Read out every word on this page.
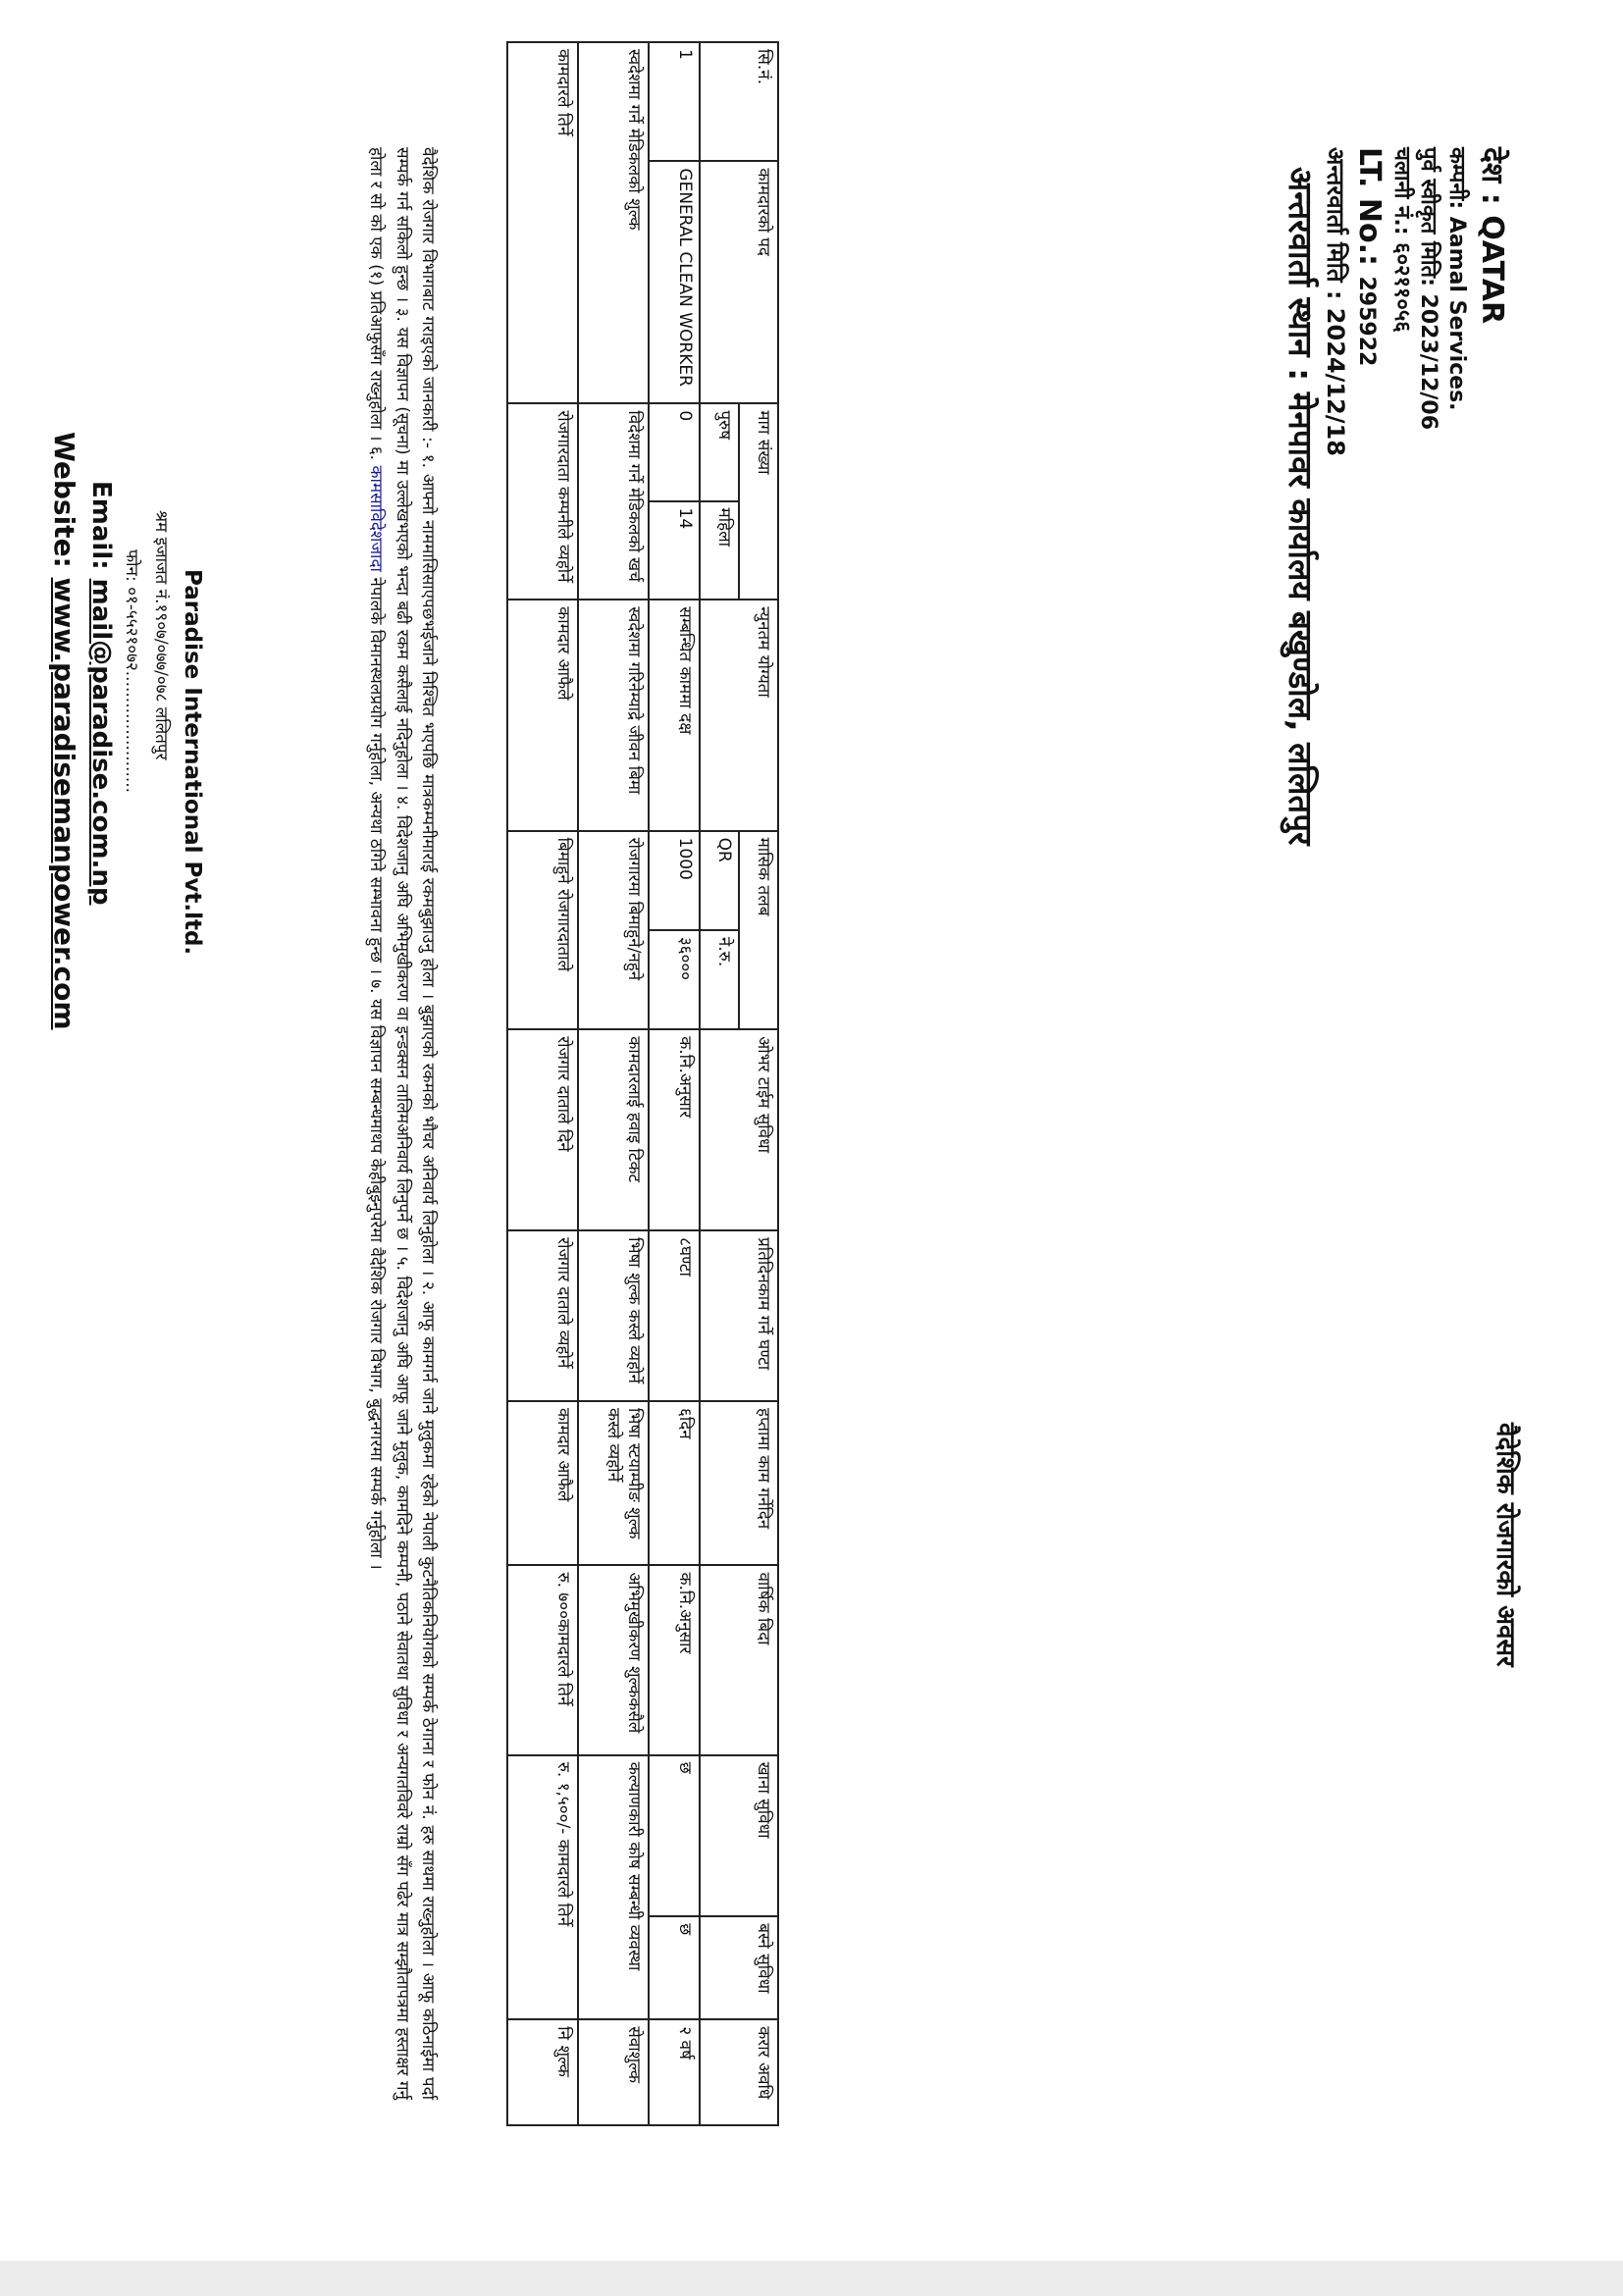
वैदेशिक रोजगारको अवसर
देश : QATAR
कम्पनी: Aamal Services.
पुर्व स्वीकृत मिति: 2023/12/06
चलानी नं.: ६०२११०५६
LT. No.: 295922
अन्तरवार्ता मिति : 2024/12/18
अन्तरवार्ता स्थान : मेनपावर कार्यालय बखुण्डोल, ललितपुर
सि.नं.	कामदारको पद	माग संख्या		न्युनतम योग्यता	मासिक तलब		ओभर टाईम सुविधा	प्रतिदिनकाम गर्ने घण्टा	हप्तामा काम गर्नेदिन	वार्षिक बिदा	खाना सुविधा	बस्ने सुविधा	करार अवधि
		पुरुष	महिला		QR	ने.रु.							
1	GENERAL CLEAN WORKER	0	14	सम्बन्धित काममा दक्ष	1000	३६०००	क.नि.अनुसार	८घण्टा	६दिन	क.नि.अनुसार	छ	छ	२ वर्ष
स्वदेशमा गर्ने मेडिकलको शुल्क		विदेशमा गर्ने मेडिकलको खर्च		स्वदेशमा गरिनेम्याद्रे जीवन बिमा	रोजगारमा बिमाहुने/नहुने		कामदारलाई हवाइ टिकट	भिषा शुल्क कस्ले व्यहोर्ने	भिषा स्टयाम्पीङ शुल्क कस्ले व्यहोर्ने	अभिमुखीकरण शुल्ककसैले	कल्याणकारी कोष सम्बन्धी व्यवस्था		सेवाशुल्क
कामदारले तिर्ने		रोजगारदाता कम्पनीले व्यहोर्ने		कामदार आफैले	बिमाहुने रोजगारदाताले		रोजगार दाताले दिने	रोजगार दाताले व्यहोर्ने	कामदार आफैले	रु. ७००कामदारले तिर्ने	रु. १,५००/- कामदारले तिर्ने		नि शुल्क
वैदेशिक रोजगार विभागबाट गराइएको जानकारी :- १. आफ्नो नाममासिसाएपछभईजाने निश्चित भएपछि मात्रकम्पनीमाराई रकमबुझाउनु होला । बुझाएको रकमको भौचर अनिवार्य लिनुहोला । २. आफू कामगर्न जाने मुलुकमा रहेको नेपाली कुटनैतिकनियोगको सम्पर्क ठेगाना र फोन नं. हरु साथमा राख्नुहोला । आफू कठिनाईमा पर्दा सम्पर्क गर्न सकिलो हुन्छ । ३. यस विज्ञापन (सूचना) मा उल्लेखभएको भन्दा बढी रकम कसैलाई नदिनुहोला । ४. विदेशजानु अघि अभिमुखीकरण वा इन्डक्सन तालिमअनिवार्य लिनुपर्ने छ । ५. विदेशजानु अघि आफू जाने मुलुक, कामदिने कम्पनी, पठाने सेवातथा सुविधा र अन्यगतविवरे राम्रो सँग पढेर मात्र सम्झौतापत्रमा हस्ताक्षर गर्नु होला र सो को एक (१) प्रतिआफुसँग राख्नुहोला । ६. कामसाविदेशजादा नेपालके विमानस्थलप्रयोग गर्नुहोला, अन्यथा ठगिने सम्भावना हुन्छ । ७. यस विज्ञापन सम्बन्धमाथप केहीबुझ्नुपरेमा वैदेशिक रोजगार विभाग, बुद्धनगरमा सम्पर्क गर्नुहोला ।
Paradise International Pvt.ltd.
श्रम इजाजत नं.१९०७/०७७/०७८ ललितपुर
फोन: ०१-५५२१०७२.......................
Email: mail@paradise.com.np
Website: www.paradisemanpower.com
